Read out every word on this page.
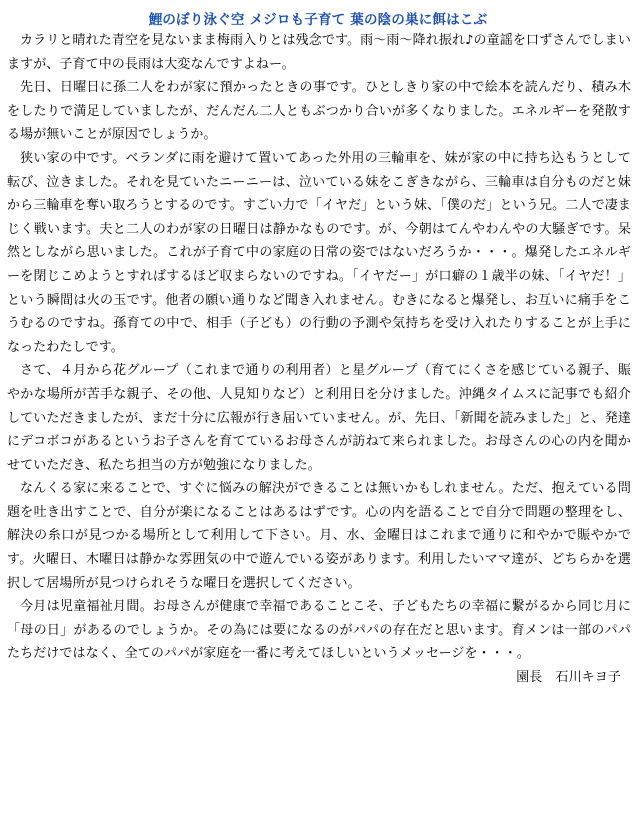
鯉のぼり泳ぐ空 メジロも子育て 葉の陰の巣に餌はこぶ

カラリと晴れた青空を見ないまま梅雨入りとは残念です。雨～雨～降れ振れ♪の童謡を口ずさんでしまいますが、子育て中の長雨は大変なんですよねー。

先日、日曜日に孫二人をわが家に預かったときの事です。ひとしきり家の中で絵本を読んだり、積み木をしたりで満足していましたが、だんだん二人ともぶつかり合いが多くなりました。エネルギーを発散する場が無いことが原因でしょうか。

狭い家の中です。ベランダに雨を避けて置いてあった外用の三輪車を、妹が家の中に持ち込もうとして転び、泣きました。それを見ていたニーニーは、泣いている妹をこぎきながら、三輪車は自分ものだと妹から三輪車を奪い取ろうとするのです。すごい力で「イヤだ」という妹、「僕のだ」という兄。二人で凄まじく戦います。夫と二人のわが家の日曜日は静かなものです。が、今朝はてんやわんやの大騒ぎです。呆然としながら思いました。これが子育て中の家庭の日常の姿ではないだろうか・・・。爆発したエネルギーを閉じこめようとすればするほど収まらないのですね。「イヤだー」が口癖の１歳半の妹、「イヤだ！」という瞬間は火の玉です。他者の願い通りなど聞き入れません。むきになると爆発し、お互いに痛手をこうむるのですね。孫育ての中で、相手（子ども）の行動の予測や気持ちを受け入れたりすることが上手になったわたしです。

さて、４月から花グループ（これまで通りの利用者）と星グループ（育てにくさを感じている親子、賑やかな場所が苦手な親子、その他、人見知りなど）と利用日を分けました。沖縄タイムスに記事でも紹介していただきましたが、まだ十分に広報が行き届いていません。が、先日、「新聞を読みました」と、発達にデコボコがあるというお子さんを育てているお母さんが訪ねて来られました。お母さんの心の内を聞かせていただき、私たち担当の方が勉強になりました。

なんくる家に来ることで、すぐに悩みの解決ができることは無いかもしれません。ただ、抱えている問題を吐き出すことで、自分が楽になることはあるはずです。心の内を語ることで自分で問題の整理をし、解決の糸口が見つかる場所として利用して下さい。月、水、金曜日はこれまで通りに和やかで賑やかです。火曜日、木曜日は静かな雰囲気の中で遊んでいる姿があります。利用したいママ達が、どちらかを選択して居場所が見つけられそうな曜日を選択してください。

今月は児童福祉月間。お母さんが健康で幸福であることこそ、子どもたちの幸福に繋がるから同じ月に「母の日」があるのでしょうか。その為には要になるのがパパの存在だと思います。育メンは一部のパパたちだけではなく、全てのパパが家庭を一番に考えてほしいというメッセージを・・・。

園長　石川キヨ子
